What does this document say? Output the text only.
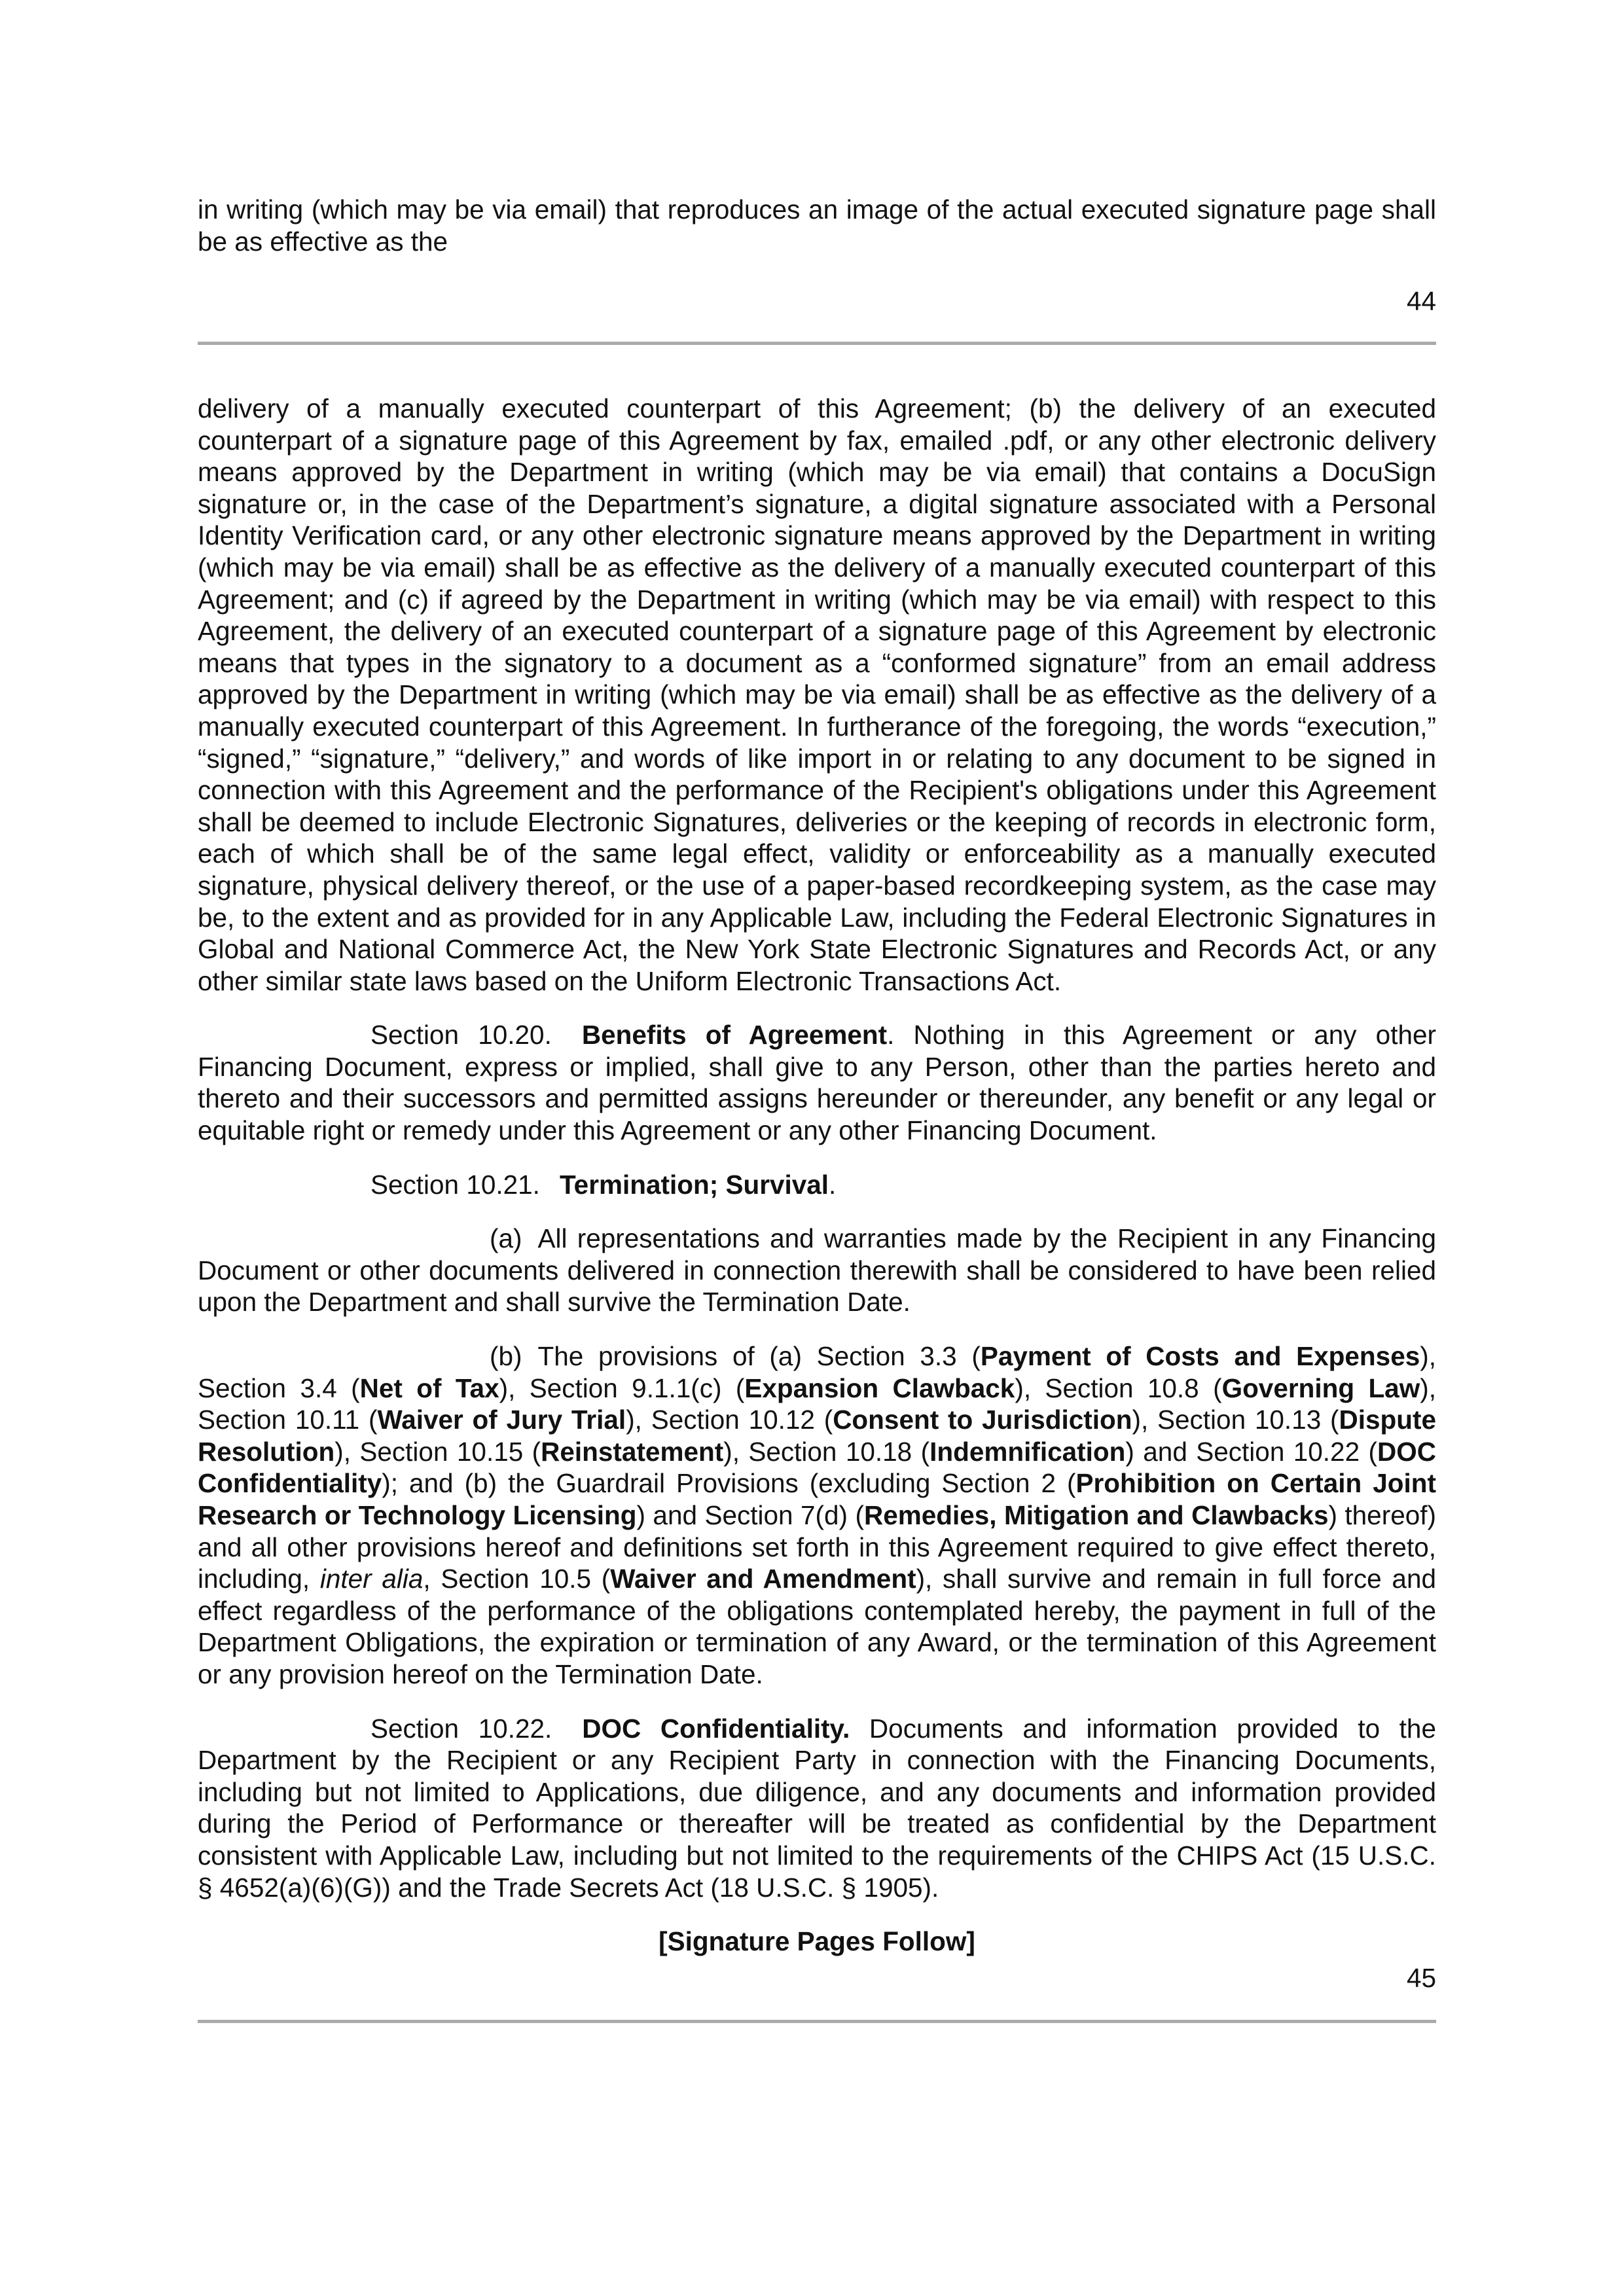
in writing (which may be via email) that reproduces an image of the actual executed signature page shall be as effective as the

44

delivery of a manually executed counterpart of this Agreement; (b) the delivery of an executed counterpart of a signature page of this Agreement by fax, emailed .pdf, or any other electronic delivery means approved by the Department in writing (which may be via email) that contains a DocuSign signature or, in the case of the Department’s signature, a digital signature associated with a Personal Identity Verification card, or any other electronic signature means approved by the Department in writing (which may be via email) shall be as effective as the delivery of a manually executed counterpart of this Agreement; and (c) if agreed by the Department in writing (which may be via email) with respect to this Agreement, the delivery of an executed counterpart of a signature page of this Agreement by electronic means that types in the signatory to a document as a “conformed signature” from an email address approved by the Department in writing (which may be via email) shall be as effective as the delivery of a manually executed counterpart of this Agreement. In furtherance of the foregoing, the words “execution,” “signed,” “signature,” “delivery,” and words of like import in or relating to any document to be signed in connection with this Agreement and the performance of the Recipient's obligations under this Agreement shall be deemed to include Electronic Signatures, deliveries or the keeping of records in electronic form, each of which shall be of the same legal effect, validity or enforceability as a manually executed signature, physical delivery thereof, or the use of a paper-based recordkeeping system, as the case may be, to the extent and as provided for in any Applicable Law, including the Federal Electronic Signatures in Global and National Commerce Act, the New York State Electronic Signatures and Records Act, or any other similar state laws based on the Uniform Electronic Transactions Act.

Section 10.20. Benefits of Agreement. Nothing in this Agreement or any other Financing Document, express or implied, shall give to any Person, other than the parties hereto and thereto and their successors and permitted assigns hereunder or thereunder, any benefit or any legal or equitable right or remedy under this Agreement or any other Financing Document.

Section 10.21. Termination; Survival.

(a) All representations and warranties made by the Recipient in any Financing Document or other documents delivered in connection therewith shall be considered to have been relied upon the Department and shall survive the Termination Date.

(b) The provisions of (a) Section 3.3 (Payment of Costs and Expenses), Section 3.4 (Net of Tax), Section 9.1.1(c) (Expansion Clawback), Section 10.8 (Governing Law), Section 10.11 (Waiver of Jury Trial), Section 10.12 (Consent to Jurisdiction), Section 10.13 (Dispute Resolution), Section 10.15 (Reinstatement), Section 10.18 (Indemnification) and Section 10.22 (DOC Confidentiality); and (b) the Guardrail Provisions (excluding Section 2 (Prohibition on Certain Joint Research or Technology Licensing) and Section 7(d) (Remedies, Mitigation and Clawbacks) thereof) and all other provisions hereof and definitions set forth in this Agreement required to give effect thereto, including, inter alia, Section 10.5 (Waiver and Amendment), shall survive and remain in full force and effect regardless of the performance of the obligations contemplated hereby, the payment in full of the Department Obligations, the expiration or termination of any Award, or the termination of this Agreement or any provision hereof on the Termination Date.

Section 10.22. DOC Confidentiality. Documents and information provided to the Department by the Recipient or any Recipient Party in connection with the Financing Documents, including but not limited to Applications, due diligence, and any documents and information provided during the Period of Performance or thereafter will be treated as confidential by the Department consistent with Applicable Law, including but not limited to the requirements of the CHIPS Act (15 U.S.C. § 4652(a)(6)(G)) and the Trade Secrets Act (18 U.S.C. § 1905).

[Signature Pages Follow]

45
